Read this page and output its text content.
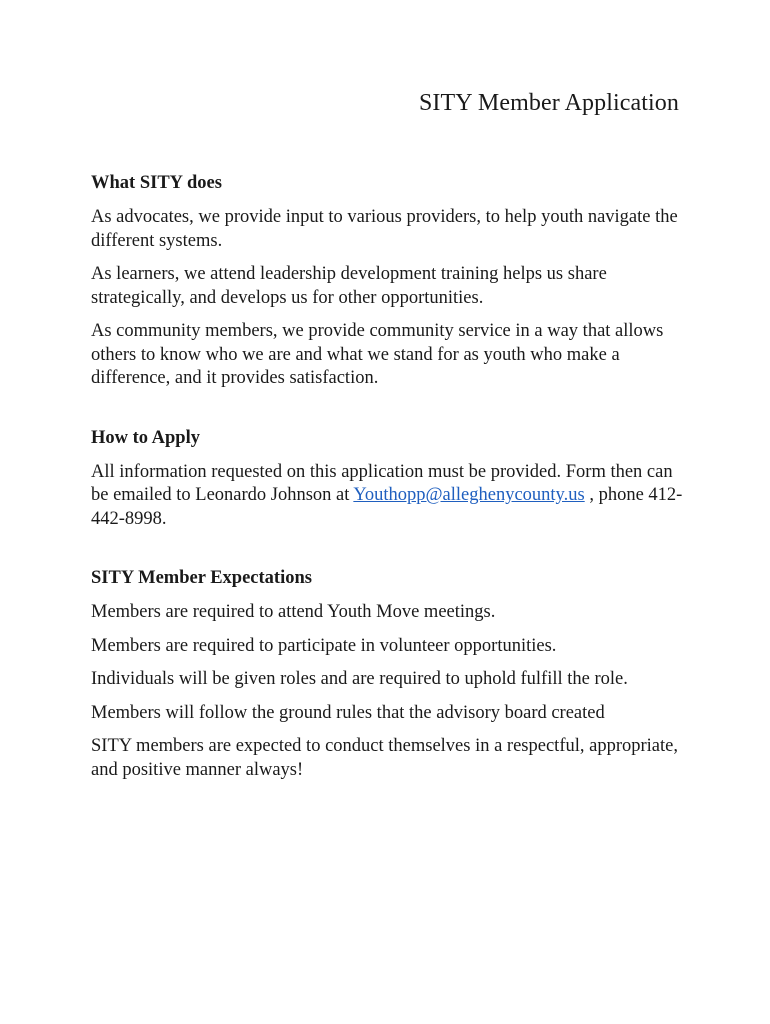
SITY Member Application
What SITY does

As advocates, we provide input to various providers, to help youth navigate the different systems.

As learners, we attend leadership development training helps us share strategically, and develops us for other opportunities.

As community members, we provide community service in a way that allows others to know who we are and what we stand for as youth who make a difference, and it provides satisfaction.

How to Apply

All information requested on this application must be provided. Form then can be emailed to Leonardo Johnson at Youthopp@alleghenycounty.us , phone 412-442-8998.

SITY Member Expectations

Members are required to attend Youth Move meetings.

Members are required to participate in volunteer opportunities.

Individuals will be given roles and are required to uphold fulfill the role.

Members will follow the ground rules that the advisory board created

SITY members are expected to conduct themselves in a respectful, appropriate, and positive manner always!
